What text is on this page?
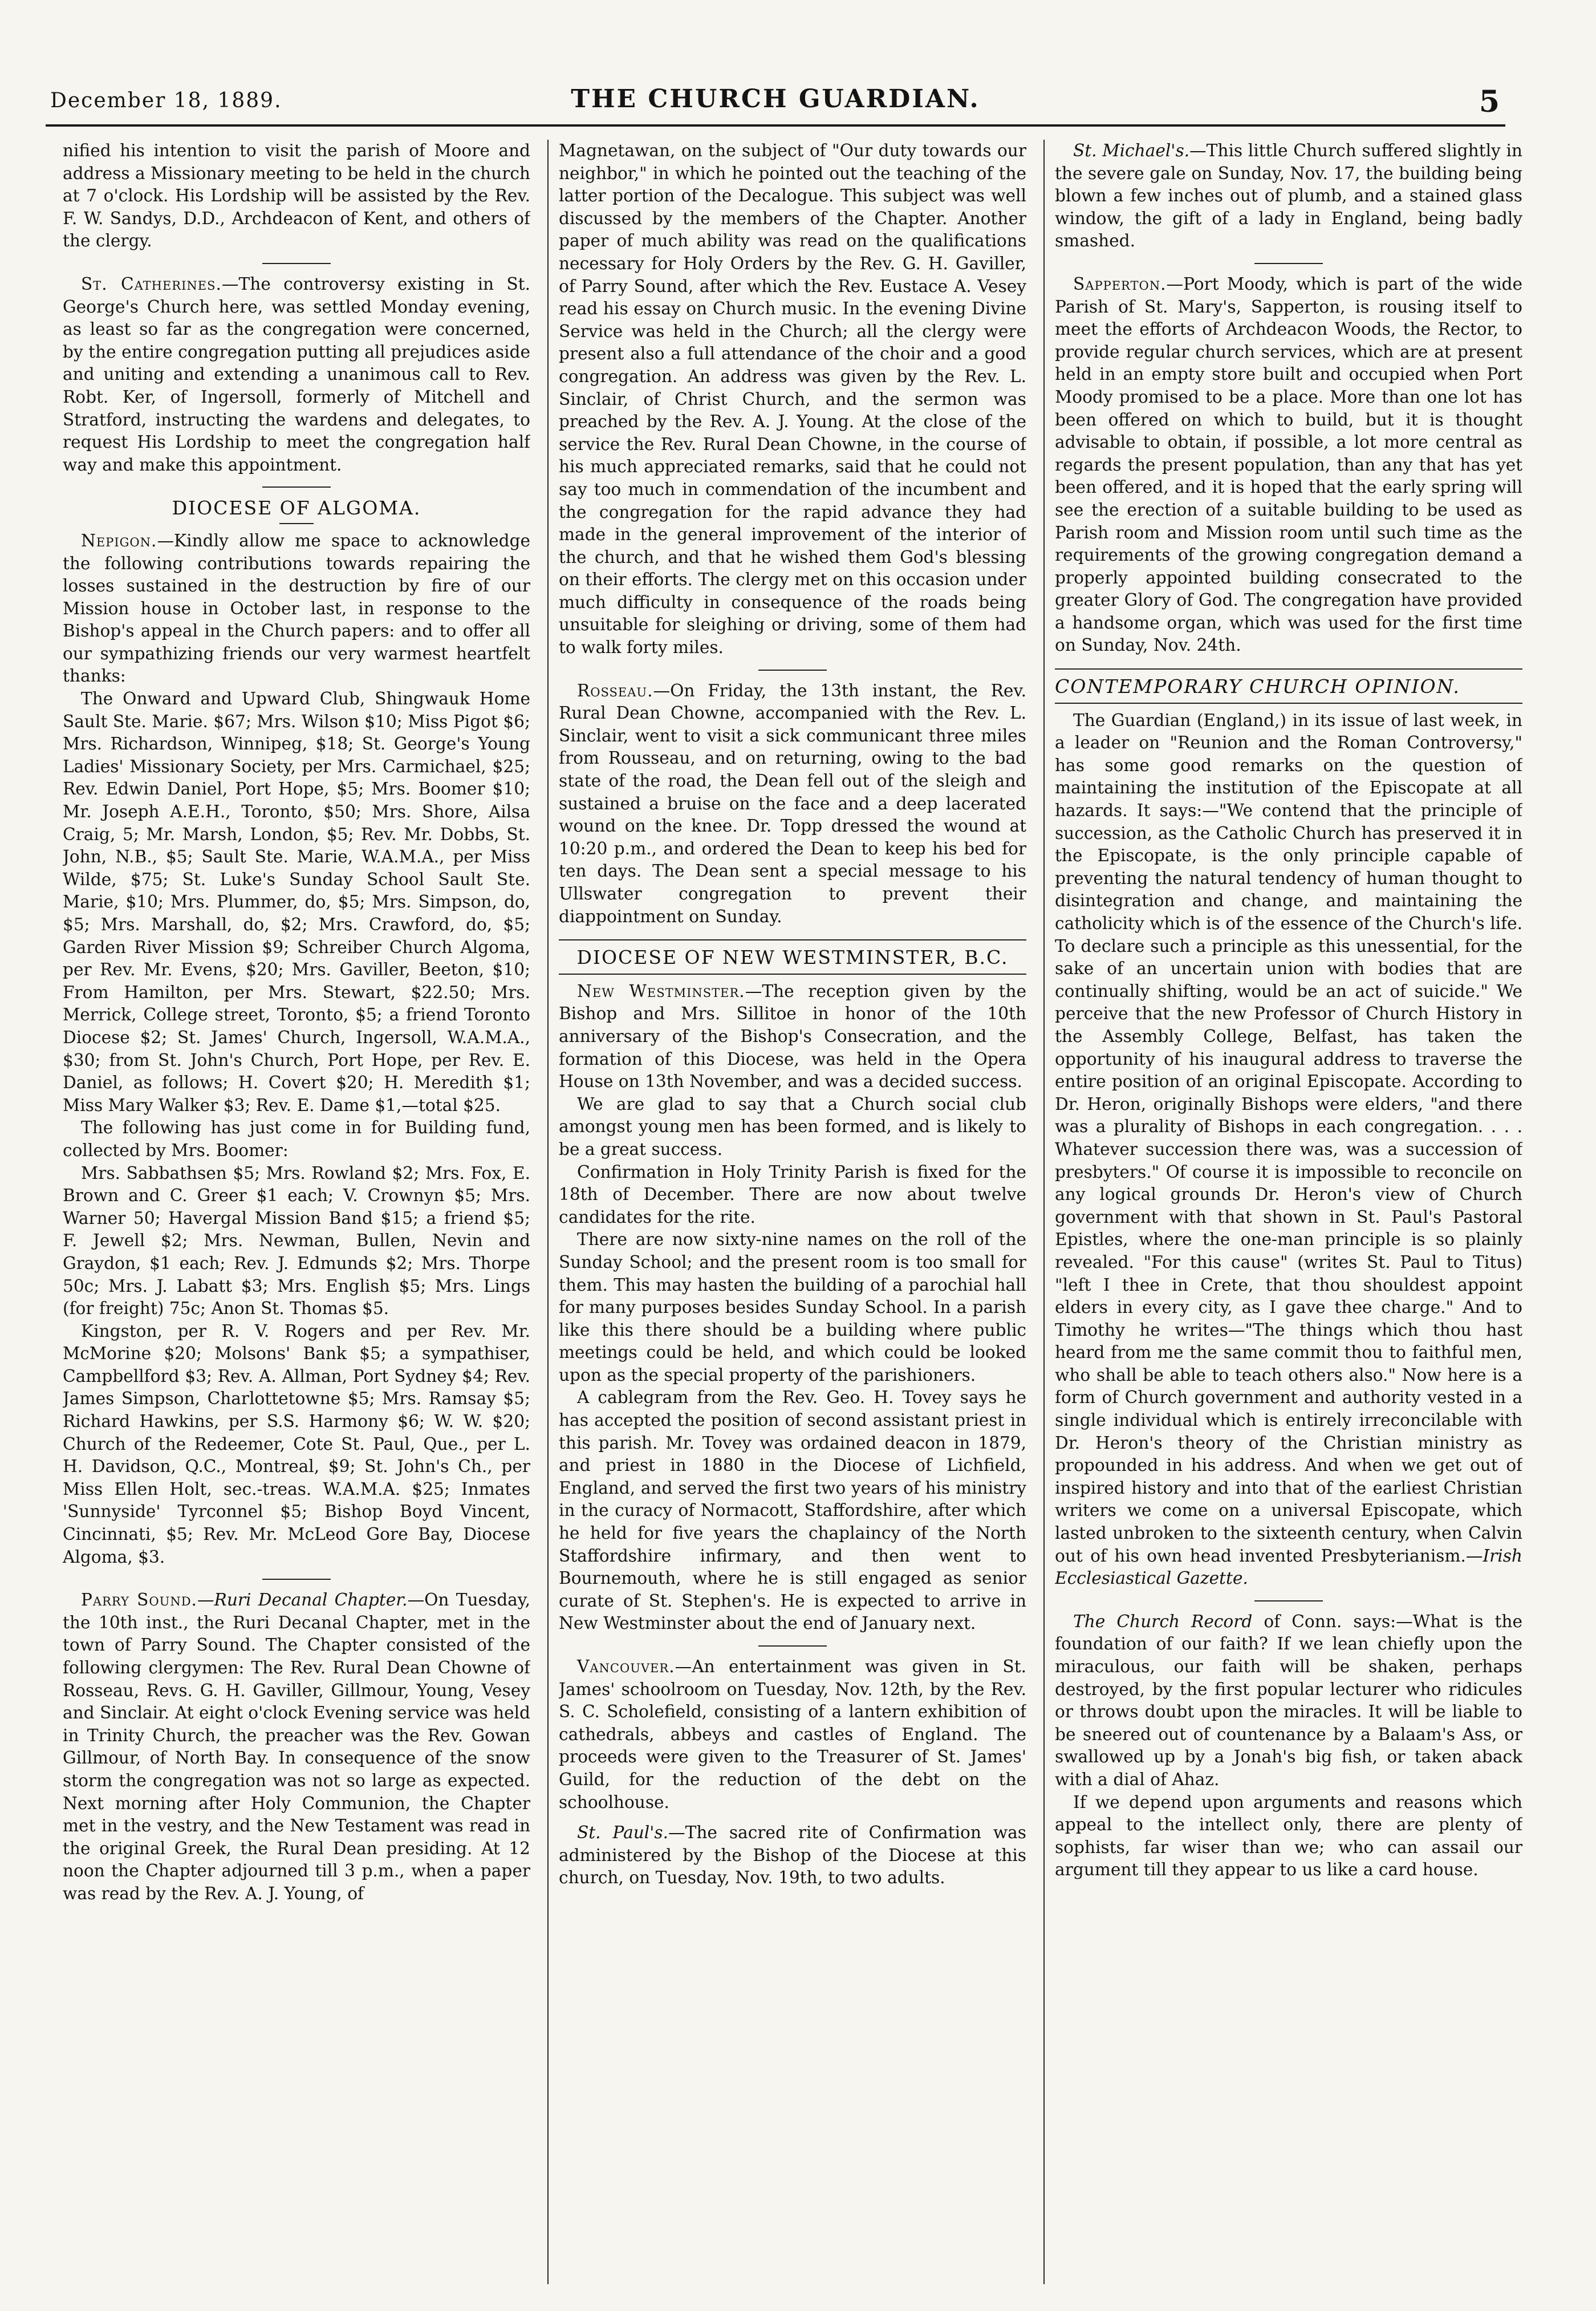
December 18, 1889.	THE CHURCH GUARDIAN.	5

nified his intention to visit the parish of Moore and address a Missionary meeting to be held in the church at 7 o'clock. His Lordship will be assisted by the Rev. F. W. Sandys, D.D., Archdeacon of Kent, and others of the clergy.

St. Catherines.—The controversy existing in St. George's Church here, was settled Monday evening, as least so far as the congregation were concerned, by the entire congregation putting all prejudices aside and uniting and extending a unanimous call to Rev. Robt. Ker, of Ingersoll, formerly of Mitchell and Stratford, instructing the wardens and delegates, to request His Lordship to meet the congregation half way and make this appointment.

DIOCESE OF ALGOMA.

Nepigon.—Kindly allow me space to acknowledge the following contributions towards repairing the losses sustained in the destruction by fire of our Mission house in October last, in response to the Bishop's appeal in the Church papers: and to offer all our sympathizing friends our very warmest heartfelt thanks:

The Onward and Upward Club, Shingwauk Home Sault Ste. Marie. $67; Mrs. Wilson $10; Miss Pigot $6; Mrs. Richardson, Winnipeg, $18; St. George's Young Ladies' Missionary Society, per Mrs. Carmichael, $25; Rev. Edwin Daniel, Port Hope, $5; Mrs. Boomer $10; Mr. Joseph A.E.H., Toronto, $50; Mrs. Shore, Ailsa Craig, 5; Mr. Marsh, London, $5; Rev. Mr. Dobbs, St. John, N.B., $5; Sault Ste. Marie, W.A.M.A., per Miss Wilde, $75; St. Luke's Sunday School Sault Ste. Marie, $10; Mrs. Plummer, do, $5; Mrs. Simpson, do, $5; Mrs. Marshall, do, $2; Mrs. Crawford, do, $5; Garden River Mission $9; Schreiber Church Algoma, per Rev. Mr. Evens, $20; Mrs. Gaviller, Beeton, $10; From Hamilton, per Mrs. Stewart, $22.50; Mrs. Merrick, College street, Toronto, $5; a friend Toronto Diocese $2; St. James' Church, Ingersoll, W.A.M.A., $30; from St. John's Church, Port Hope, per Rev. E. Daniel, as follows; H. Covert $20; H. Meredith $1; Miss Mary Walker $3; Rev. E. Dame $1,—total $25.

The following has just come in for Building fund, collected by Mrs. Boomer:

Mrs. Sabbathsen $5; Mrs. Rowland $2; Mrs. Fox, E. Brown and C. Greer $1 each; V. Crownyn $5; Mrs. Warner 50; Havergal Mission Band $15; a friend $5; F. Jewell $2; Mrs. Newman, Bullen, Nevin and Graydon, $1 each; Rev. J. Edmunds $2; Mrs. Thorpe 50c; Mrs. J. Labatt $3; Mrs. English $5; Mrs. Lings (for freight) 75c; Anon St. Thomas $5.

Kingston, per R. V. Rogers and per Rev. Mr. McMorine $20; Molsons' Bank $5; a sympathiser, Campbellford $3; Rev. A. Allman, Port Sydney $4; Rev. James Simpson, Charlottetowne $5; Mrs. Ramsay $5; Richard Hawkins, per S.S. Harmony $6; W. W. $20; Church of the Redeemer, Cote St. Paul, Que., per L. H. Davidson, Q.C., Montreal, $9; St. John's Ch., per Miss Ellen Holt, sec.-treas. W.A.M.A. $25; Inmates 'Sunnyside' Tyrconnel $5; Bishop Boyd Vincent, Cincinnati, $5; Rev. Mr. McLeod Gore Bay, Diocese Algoma, $3.

Parry Sound.—Ruri Decanal Chapter.—On Tuesday, the 10th inst., the Ruri Decanal Chapter, met in the town of Parry Sound. The Chapter consisted of the following clergymen: The Rev. Rural Dean Chowne of Rosseau, Revs. G. H. Gaviller, Gillmour, Young, Vesey and Sinclair. At eight o'clock Evening service was held in Trinity Church, the preacher was the Rev. Gowan Gillmour, of North Bay. In consequence of the snow storm the congregation was not so large as expected. Next morning after Holy Communion, the Chapter met in the vestry, and the New Testament was read in the original Greek, the Rural Dean presiding. At 12 noon the Chapter adjourned till 3 p.m., when a paper was read by the Rev. A. J. Young, of

Magnetawan, on the subject of "Our duty towards our neighbor," in which he pointed out the teaching of the latter portion of the Decalogue. This subject was well discussed by the members of the Chapter. Another paper of much ability was read on the qualifications necessary for Holy Orders by the Rev. G. H. Gaviller, of Parry Sound, after which the Rev. Eustace A. Vesey read his essay on Church music. In the evening Divine Service was held in the Church; all the clergy were present also a full attendance of the choir and a good congregation. An address was given by the Rev. L. Sinclair, of Christ Church, and the sermon was preached by the Rev. A. J. Young. At the close of the service the Rev. Rural Dean Chowne, in the course of his much appreciated remarks, said that he could not say too much in commendation of the incumbent and the congregation for the rapid advance they had made in the general improvement of the interior of the church, and that he wished them God's blessing on their efforts. The clergy met on this occasion under much difficulty in consequence of the roads being unsuitable for sleighing or driving, some of them had to walk forty miles.

Rosseau.—On Friday, the 13th instant, the Rev. Rural Dean Chowne, accompanied with the Rev. L. Sinclair, went to visit a sick communicant three miles from Rousseau, and on returning, owing to the bad state of the road, the Dean fell out of the sleigh and sustained a bruise on the face and a deep lacerated wound on the knee. Dr. Topp dressed the wound at 10:20 p.m., and ordered the Dean to keep his bed for ten days. The Dean sent a special message to his Ullswater congregation to prevent their diappointment on Sunday.

DIOCESE OF NEW WESTMINSTER, B.C.

New Westminster.—The reception given by the Bishop and Mrs. Sillitoe in honor of the 10th anniversary of the Bishop's Consecration, and the formation of this Diocese, was held in the Opera House on 13th November, and was a decided success.

We are glad to say that a Church social club amongst young men has been formed, and is likely to be a great success.

Confirmation in Holy Trinity Parish is fixed for the 18th of December. There are now about twelve candidates for the rite.

There are now sixty-nine names on the roll of the Sunday School; and the present room is too small for them. This may hasten the building of a parochial hall for many purposes besides Sunday School. In a parish like this there should be a building where public meetings could be held, and which could be looked upon as the special property of the parishioners.

A cablegram from the Rev. Geo. H. Tovey says he has accepted the position of second assistant priest in this parish. Mr. Tovey was ordained deacon in 1879, and priest in 1880 in the Diocese of Lichfield, England, and served the first two years of his ministry in the curacy of Normacott, Staffordshire, after which he held for five years the chaplaincy of the North Staffordshire infirmary, and then went to Bournemouth, where he is still engaged as senior curate of St. Stephen's. He is expected to arrive in New Westminster about the end of January next.

Vancouver.—An entertainment was given in St. James' schoolroom on Tuesday, Nov. 12th, by the Rev. S. C. Scholefield, consisting of a lantern exhibition of cathedrals, abbeys and castles of England. The proceeds were given to the Treasurer of St. James' Guild, for the reduction of the debt on the schoolhouse.

St. Paul's.—The sacred rite of Confirmation was administered by the Bishop of the Diocese at this church, on Tuesday, Nov. 19th, to two adults.

St. Michael's.—This little Church suffered slightly in the severe gale on Sunday, Nov. 17, the building being blown a few inches out of plumb, and a stained glass window, the gift of a lady in England, being badly smashed.

Sapperton.—Port Moody, which is part of the wide Parish of St. Mary's, Sapperton, is rousing itself to meet the efforts of Archdeacon Woods, the Rector, to provide regular church services, which are at present held in an empty store built and occupied when Port Moody promised to be a place. More than one lot has been offered on which to build, but it is thought advisable to obtain, if possible, a lot more central as regards the present population, than any that has yet been offered, and it is hoped that the early spring will see the erection of a suitable building to be used as Parish room and Mission room until such time as the requirements of the growing congregation demand a properly appointed building consecrated to the greater Glory of God. The congregation have provided a handsome organ, which was used for the first time on Sunday, Nov. 24th.

CONTEMPORARY CHURCH OPINION.

The Guardian (England,) in its issue of last week, in a leader on "Reunion and the Roman Controversy," has some good remarks on the question of maintaining the institution of the Episcopate at all hazards. It says:—"We contend that the principle of succession, as the Catholic Church has preserved it in the Episcopate, is the only principle capable of preventing the natural tendency of human thought to disintegration and change, and maintaining the catholicity which is of the essence of the Church's life. To declare such a principle as this unessential, for the sake of an uncertain union with bodies that are continually shifting, would be an act of suicide." We perceive that the new Professor of Church History in the Assembly College, Belfast, has taken the opportunity of his inaugural address to traverse the entire position of an original Episcopate. According to Dr. Heron, originally Bishops were elders, "and there was a plurality of Bishops in each congregation. . . . Whatever succession there was, was a succession of presbyters." Of course it is impossible to reconcile on any logical grounds Dr. Heron's view of Church government with that shown in St. Paul's Pastoral Epistles, where the one-man principle is so plainly revealed. "For this cause" (writes St. Paul to Titus) "left I thee in Crete, that thou shouldest appoint elders in every city, as I gave thee charge." And to Timothy he writes—"The things which thou hast heard from me the same commit thou to faithful men, who shall be able to teach others also." Now here is a form of Church government and authority vested in a single individual which is entirely irreconcilable with Dr. Heron's theory of the Christian ministry as propounded in his address. And when we get out of inspired history and into that of the earliest Christian writers we come on a universal Episcopate, which lasted unbroken to the sixteenth century, when Calvin out of his own head invented Presbyterianism.—Irish Ecclesiastical Gazette.

The Church Record of Conn. says:—What is the foundation of our faith? If we lean chiefly upon the miraculous, our faith will be shaken, perhaps destroyed, by the first popular lecturer who ridicules or throws doubt upon the miracles. It will be liable to be sneered out of countenance by a Balaam's Ass, or swallowed up by a Jonah's big fish, or taken aback with a dial of Ahaz.

If we depend upon arguments and reasons which appeal to the intellect only, there are plenty of sophists, far wiser than we; who can assail our argument till they appear to us like a card house.
